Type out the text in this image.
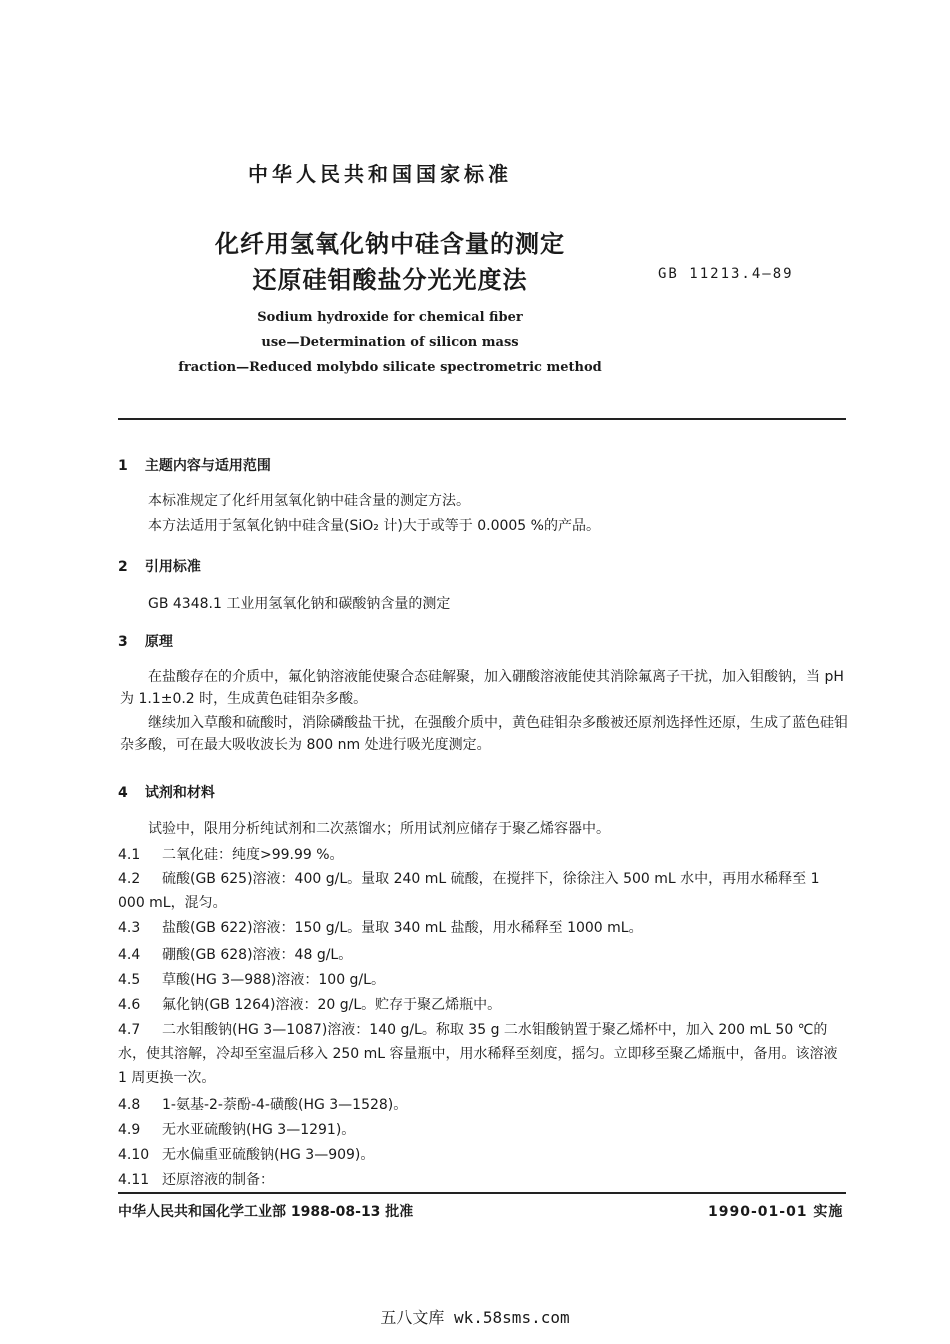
中华人民共和国国家标准
化纤用氢氧化钠中硅含量的测定
还原硅钼酸盐分光光度法	GB 11213.4—89
Sodium hydroxide for chemical fiber
use—Determination of silicon mass
fraction—Reduced molybdo silicate spectrometric method
1 主题内容与适用范围
本标准规定了化纤用氢氧化钠中硅含量的测定方法。
本方法适用于氢氧化钠中硅含量(SiO₂ 计)大于或等于 0.0005 %的产品。
2 引用标准
GB 4348.1 工业用氢氧化钠和碳酸钠含量的测定
3 原理
在盐酸存在的介质中，氟化钠溶液能使聚合态硅解聚，加入硼酸溶液能使其消除氟离子干扰，加入钼酸钠，当 pH 为 1.1±0.2 时，生成黄色硅钼杂多酸。
继续加入草酸和硫酸时，消除磷酸盐干扰，在强酸介质中，黄色硅钼杂多酸被还原剂选择性还原，生成了蓝色硅钼杂多酸，可在最大吸收波长为 800 nm 处进行吸光度测定。
4 试剂和材料
试验中，限用分析纯试剂和二次蒸馏水；所用试剂应储存于聚乙烯容器中。
4.1 二氧化硅：纯度>99.99 %。
4.2 硫酸(GB 625)溶液：400 g/L。量取 240 mL 硫酸，在搅拌下，徐徐注入 500 mL 水中，再用水稀释至 1 000 mL，混匀。
4.3 盐酸(GB 622)溶液：150 g/L。量取 340 mL 盐酸，用水稀释至 1000 mL。
4.4 硼酸(GB 628)溶液：48 g/L。
4.5 草酸(HG 3—988)溶液：100 g/L。
4.6 氟化钠(GB 1264)溶液：20 g/L。贮存于聚乙烯瓶中。
4.7 二水钼酸钠(HG 3—1087)溶液：140 g/L。称取 35 g 二水钼酸钠置于聚乙烯杯中，加入 200 mL 50 ℃的水，使其溶解，冷却至室温后移入 250 mL 容量瓶中，用水稀释至刻度，摇匀。立即移至聚乙烯瓶中，备用。该溶液 1 周更换一次。
4.8 1-氨基-2-萘酚-4-磺酸(HG 3—1528)。
4.9 无水亚硫酸钠(HG 3—1291)。
4.10 无水偏重亚硫酸钠(HG 3—909)。
4.11 还原溶液的制备：
中华人民共和国化学工业部 1988-08-13 批准	1990-01-01 实施
五八文库 wk.58sms.com
